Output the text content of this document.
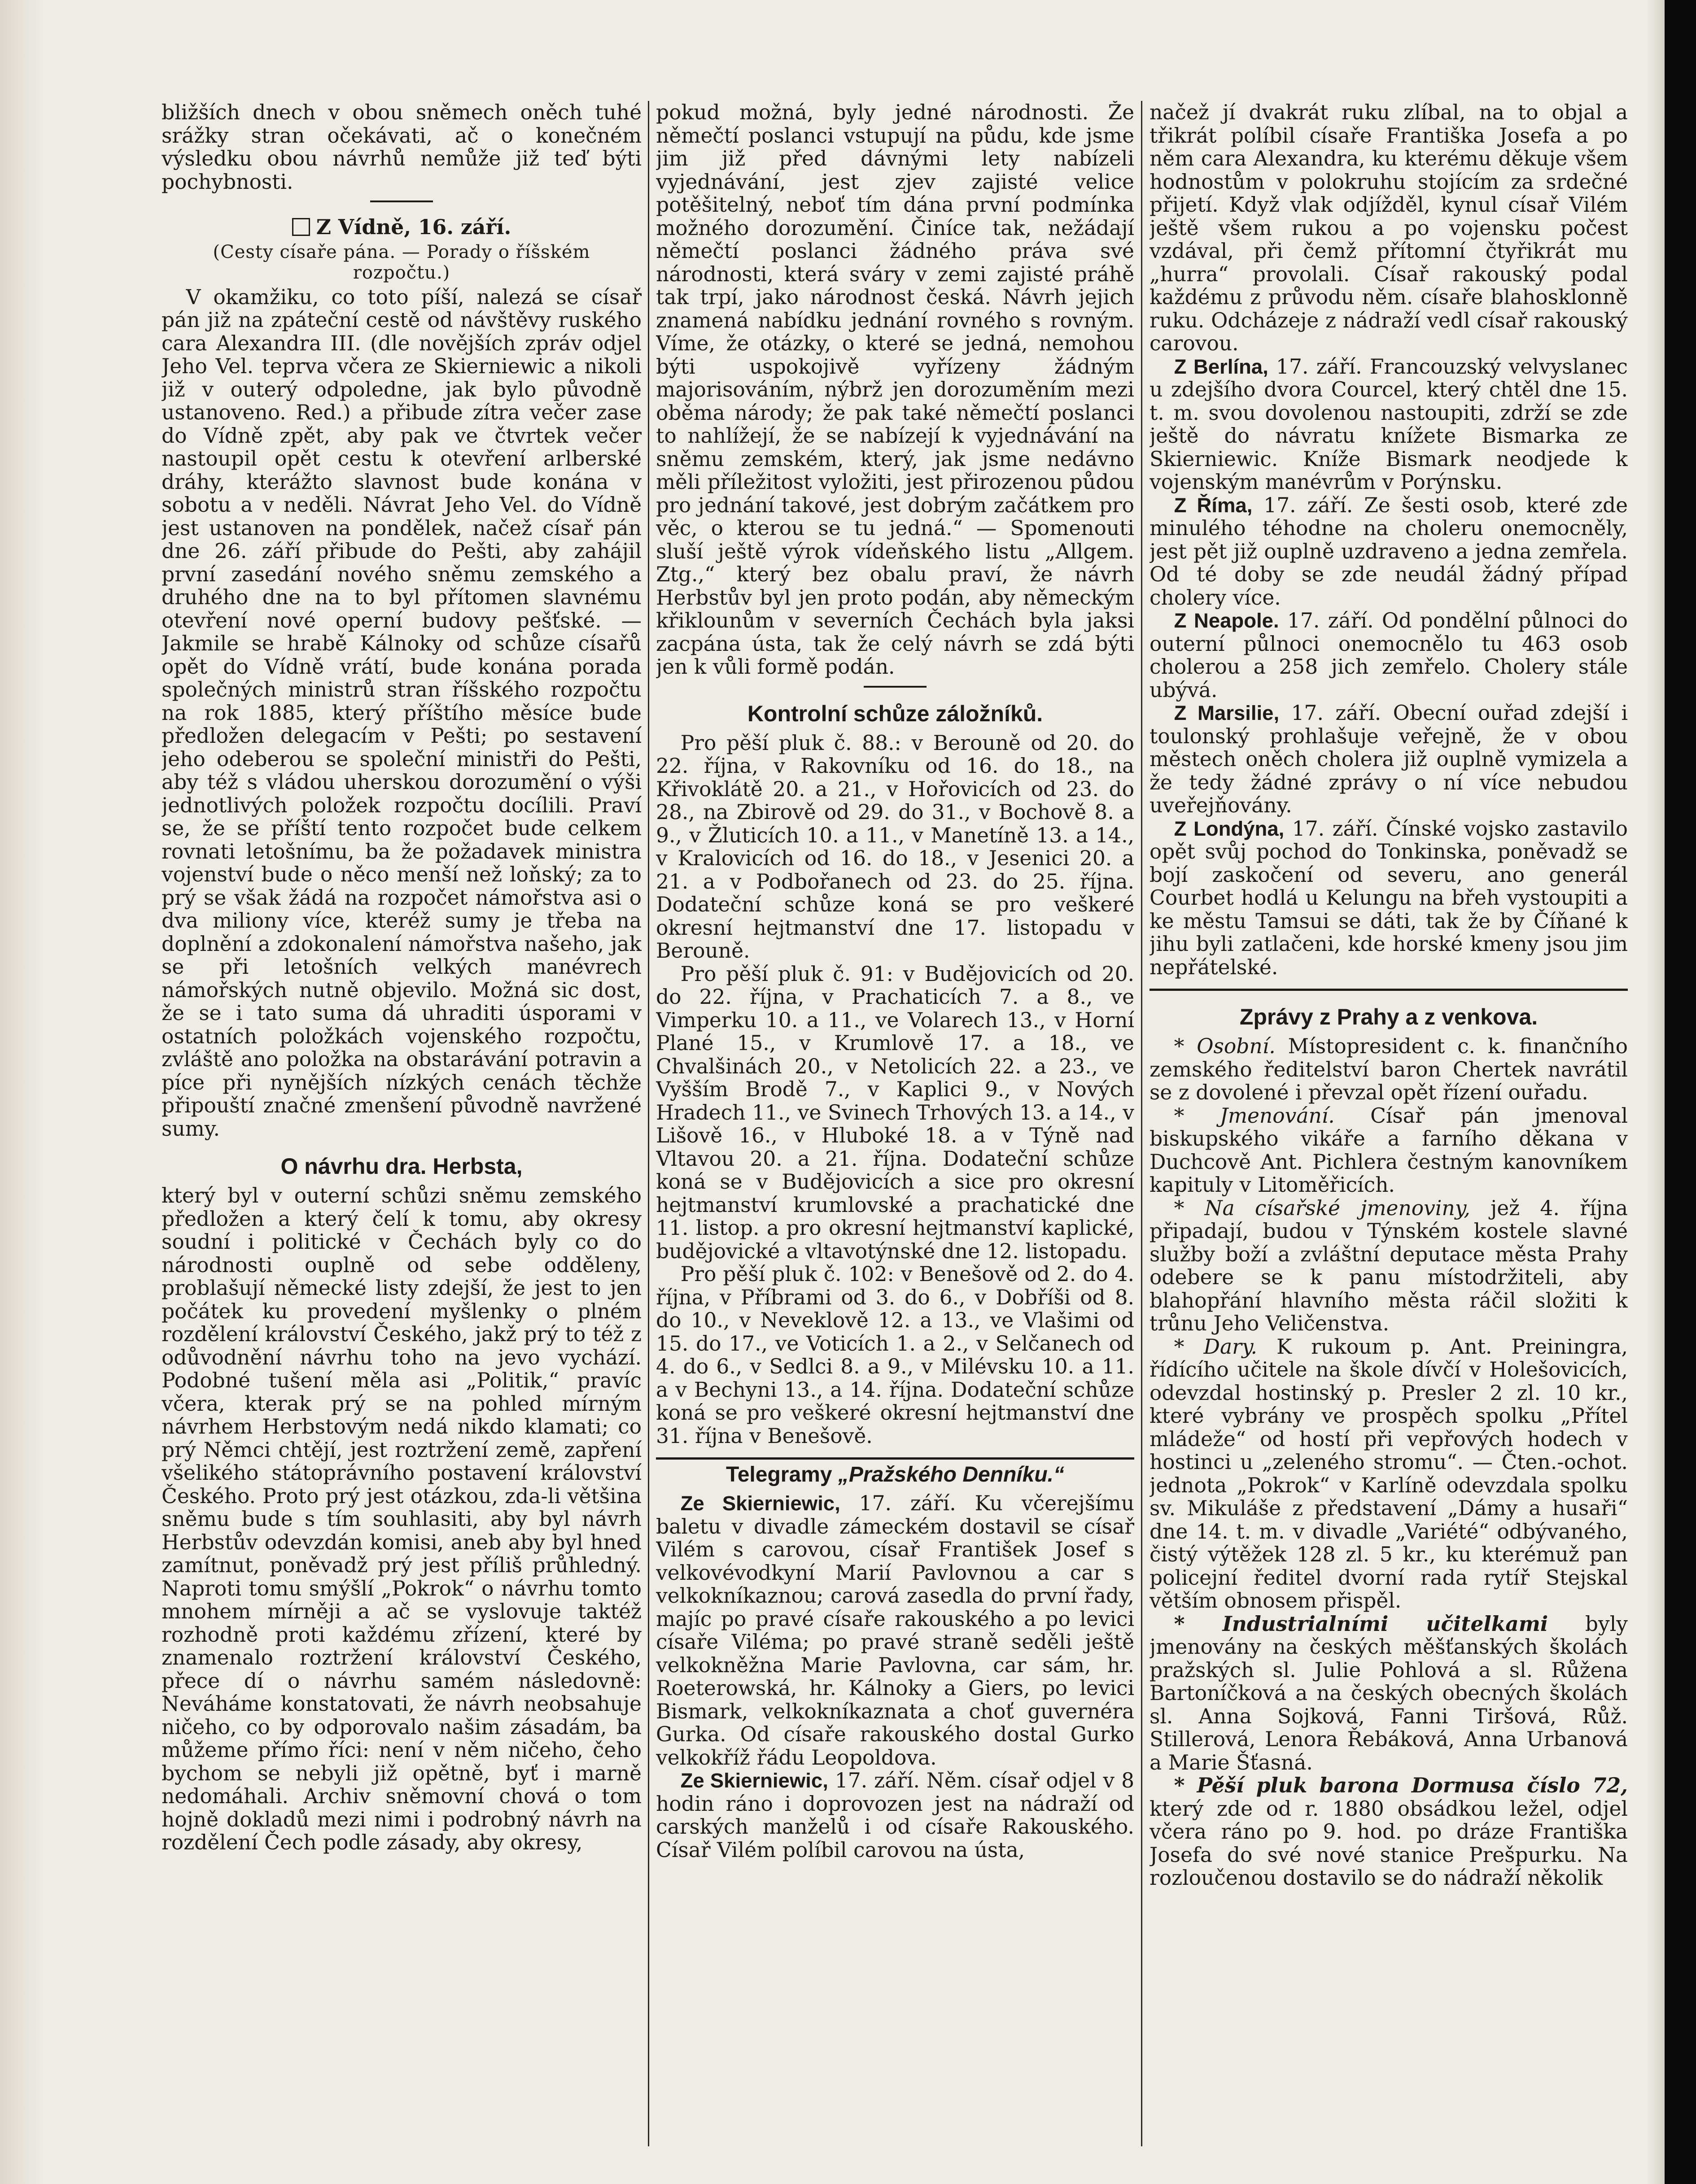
bližších dnech v obou sněmech oněch tuhé srážky stran očekávati, ač o konečném výsledku obou návrhů nemůže již teď býti pochybnosti.

Z Vídně, 16. září.
(Cesty císaře pána. — Porady o říšském rozpočtu.)

V okamžiku, co toto píší, nalezá se císař pán již na zpáteční cestě od návštěvy ruského cara Alexandra III. (dle novějších zpráv odjel Jeho Vel. teprva včera ze Skierniewic a nikoli již v outerý odpoledne, jak bylo původně ustanoveno. Red.) a přibude zítra večer zase do Vídně zpět, aby pak ve čtvrtek večer nastoupil opět cestu k otevření arlberské dráhy, kterážto slavnost bude konána v sobotu a v neděli. Návrat Jeho Vel. do Vídně jest ustanoven na pondělek, načež císař pán dne 26. září přibude do Pešti, aby zahájil první zasedání nového sněmu zemského a druhého dne na to byl přítomen slavnému otevření nové operní budovy pešťské. — Jakmile se hrabě Kálnoky od schůze císařů opět do Vídně vrátí, bude konána porada společných ministrů stran říšského rozpočtu na rok 1885, který příštího měsíce bude předložen delegacím v Pešti; po sestavení jeho odeberou se společní ministři do Pešti, aby též s vládou uherskou dorozumění o výši jednotlivých položek rozpočtu docílili. Praví se, že se příští tento rozpočet bude celkem rovnati letošnímu, ba že požadavek ministra vojenství bude o něco menší než loňský; za to prý se však žádá na rozpočet námořstva asi o dva miliony více, kteréž sumy je třeba na doplnění a zdokonalení námořstva našeho, jak se při letošních velkých manévrech námořských nutně objevilo. Možná sic dost, že se i tato suma dá uhraditi úsporami v ostatních položkách vojenského rozpočtu, zvláště ano položka na obstarávání potravin a píce při nynějších nízkých cenách těchže připouští značné zmenšení původně navržené sumy.

O návrhu dra. Herbsta,

který byl v outerní schůzi sněmu zemského předložen a který čelí k tomu, aby okresy soudní i politické v Čechách byly co do národnosti ouplně od sebe odděleny, problašují německé listy zdejší, že jest to jen počátek ku provedení myšlenky o plném rozdělení království Českého, jakž prý to též z odůvodnění návrhu toho na jevo vychází. Podobné tušení měla asi „Politik,“ pravíc včera, kterak prý se na pohled mírným návrhem Herbstovým nedá nikdo klamati; co prý Němci chtějí, jest roztržení země, zapření všelikého státoprávního postavení království Českého. Proto prý jest otázkou, zda-li většina sněmu bude s tím souhlasiti, aby byl návrh Herbstův odevzdán komisi, aneb aby byl hned zamítnut, poněvadž prý jest příliš průhledný. Naproti tomu smýšlí „Pokrok“ o návrhu tomto mnohem mírněji a ač se vyslovuje taktéž rozhodně proti každému zřízení, které by znamenalo roztržení království Českého, přece dí o návrhu samém následovně: Neváháme konstatovati, že návrh neobsahuje ničeho, co by odporovalo našim zásadám, ba můžeme přímo říci: není v něm ničeho, čeho bychom se nebyli již opětně, byť i marně nedomáhali. Archiv sněmovní chová o tom hojně dokladů mezi nimi i podrobný návrh na rozdělení Čech podle zásady, aby okresy,

pokud možná, byly jedné národnosti. Že němečtí poslanci vstupují na půdu, kde jsme jim již před dávnými lety nabízeli vyjednávání, jest zjev zajisté velice potěšitelný, neboť tím dána první podmínka možného dorozumění. Činíce tak, nežádají němečtí poslanci žádného práva své národnosti, která sváry v zemi zajisté práhě tak trpí, jako národnost česká. Návrh jejich znamená nabídku jednání rovného s rovným. Víme, že otázky, o které se jedná, nemohou býti uspokojivě vyřízeny žádným majorisováním, nýbrž jen dorozuměním mezi oběma národy; že pak také němečtí poslanci to nahlížejí, že se nabízejí k vyjednávání na sněmu zemském, který, jak jsme nedávno měli příležitost vyložiti, jest přirozenou půdou pro jednání takové, jest dobrým začátkem pro věc, o kterou se tu jedná.“ — Spomenouti sluší ještě výrok vídeňského listu „Allgem. Ztg.,“ který bez obalu praví, že návrh Herbstův byl jen proto podán, aby německým křiklounům v severních Čechách byla jaksi zacpána ústa, tak že celý návrh se zdá býti jen k vůli formě podán.

Kontrolní schůze záložníků.

Pro pěší pluk č. 88.: v Berouně od 20. do 22. října, v Rakovníku od 16. do 18., na Křivoklátě 20. a 21., v Hořovicích od 23. do 28., na Zbirově od 29. do 31., v Bochově 8. a 9., v Žluticích 10. a 11., v Manetíně 13. a 14., v Kralovicích od 16. do 18., v Jesenici 20. a 21. a v Podbořanech od 23. do 25. října. Dodateční schůze koná se pro veškeré okresní hejtmanství dne 17. listopadu v Berouně.

Pro pěší pluk č. 91: v Budějovicích od 20. do 22. října, v Prachaticích 7. a 8., ve Vimperku 10. a 11., ve Volarech 13., v Horní Plané 15., v Krumlově 17. a 18., ve Chvalšinách 20., v Netolicích 22. a 23., ve Vyšším Brodě 7., v Kaplici 9., v Nových Hradech 11., ve Svinech Trhových 13. a 14., v Lišově 16., v Hluboké 18. a v Týně nad Vltavou 20. a 21. října. Dodateční schůze koná se v Budějovicích a sice pro okresní hejtmanství krumlovské a prachatické dne 11. listop. a pro okresní hejtmanství kaplické, budějovické a vltavotýnské dne 12. listopadu.

Pro pěší pluk č. 102: v Benešově od 2. do 4. října, v Příbrami od 3. do 6., v Dobříši od 8. do 10., v Neveklově 12. a 13., ve Vlašimi od 15. do 17., ve Voticích 1. a 2., v Selčanech od 4. do 6., v Sedlci 8. a 9., v Milévsku 10. a 11. a v Bechyni 13., a 14. října. Dodateční schůze koná se pro veškeré okresní hejtmanství dne 31. října v Benešově.

Telegramy „Pražského Denníku.“

Ze Skierniewic, 17. září. Ku včerejšímu baletu v divadle zámeckém dostavil se císař Vilém s carovou, císař František Josef s velkovévodkyní Marií Pavlovnou a car s velkokníkaznou; carová zasedla do první řady, majíc po pravé císaře rakouského a po levici císaře Viléma; po pravé straně seděli ještě velkokněžna Marie Pavlovna, car sám, hr. Roeterowská, hr. Kálnoky a Giers, po levici Bismark, velkokníkaznata a choť guvernéra Gurka. Od císaře rakouského dostal Gurko velkokříž řádu Leopoldova.

Ze Skierniewic, 17. září. Něm. císař odjel v 8 hodin ráno i doprovozen jest na nádraží od carských manželů i od císaře Rakouského. Císař Vilém políbil carovou na ústa,

načež jí dvakrát ruku zlíbal, na to objal a třikrát políbil císaře Františka Josefa a po něm cara Alexandra, ku kterému děkuje všem hodnostům v polokruhu stojícím za srdečné přijetí. Když vlak odjížděl, kynul císař Vilém ještě všem rukou a po vojensku počest vzdával, při čemž přítomní čtyřikrát mu „hurra“ provolali. Císař rakouský podal každému z průvodu něm. císaře blahosklonně ruku. Odcházeje z nádraží vedl císař rakouský carovou.

Z Berlína, 17. září. Francouzský velvyslanec u zdejšího dvora Courcel, který chtěl dne 15. t. m. svou dovolenou nastoupiti, zdrží se zde ještě do návratu knížete Bismarka ze Skierniewic. Kníže Bismark neodjede k vojenským manévrům v Porýnsku.

Z Říma, 17. září. Ze šesti osob, které zde minulého téhodne na choleru onemocněly, jest pět již ouplně uzdraveno a jedna zemřela. Od té doby se zde neudál žádný případ cholery více.

Z Neapole. 17. září. Od pondělní půlnoci do outerní půlnoci onemocnělo tu 463 osob cholerou a 258 jich zemřelo. Cholery stále ubývá.

Z Marsilie, 17. září. Obecní ouřad zdejší i toulonský prohlašuje veřejně, že v obou městech oněch cholera již ouplně vymizela a že tedy žádné zprávy o ní více nebudou uveřejňovány.

Z Londýna, 17. září. Čínské vojsko zastavilo opět svůj pochod do Tonkinska, poněvadž se bojí zaskočení od severu, ano generál Courbet hodlá u Kelungu na břeh vystoupiti a ke městu Tamsui se dáti, tak že by Číňané k jihu byli zatlačeni, kde horské kmeny jsou jim nepřátelské.

Zprávy z Prahy a z venkova.

* Osobní. Místopresident c. k. finančního zemského ředitelství baron Chertek navrátil se z dovolené i převzal opět řízení ouřadu.

* Jmenování. Císař pán jmenoval biskupského vikáře a farního děkana v Duchcově Ant. Pichlera čestným kanovníkem kapituly v Litoměřicích.

* Na císařské jmenoviny, jež 4. října připadají, budou v Týnském kostele slavné služby boží a zvláštní deputace města Prahy odebere se k panu místodržiteli, aby blahopřání hlavního města ráčil složiti k trůnu Jeho Veličenstva.

* Dary. K rukoum p. Ant. Preiningra, řídícího učitele na škole dívčí v Holešovicích, odevzdal hostinský p. Presler 2 zl. 10 kr., které vybrány ve prospěch spolku „Přítel mládeže“ od hostí při vepřových hodech v hostinci u „zeleného stromu“. — Čten.-ochot. jednota „Pokrok“ v Karlíně odevzdala spolku sv. Mikuláše z představení „Dámy a husaři“ dne 14. t. m. v divadle „Variété“ odbývaného, čistý výtěžek 128 zl. 5 kr., ku kterémuž pan policejní ředitel dvorní rada rytíř Stejskal větším obnosem přispěl.

* Industrialními učitelkami byly jmenovány na českých měšťanských školách pražských sl. Julie Pohlová a sl. Růžena Bartoníčková a na českých obecných školách sl. Anna Sojková, Fanni Tiršová, Růž. Stillerová, Lenora Řebáková, Anna Urbanová a Marie Šťasná.

* Pěší pluk barona Dormusa číslo 72, který zde od r. 1880 obsádkou ležel, odjel včera ráno po 9. hod. po dráze Františka Josefa do své nové stanice Prešpurku. Na rozloučenou dostavilo se do nádraží několik
